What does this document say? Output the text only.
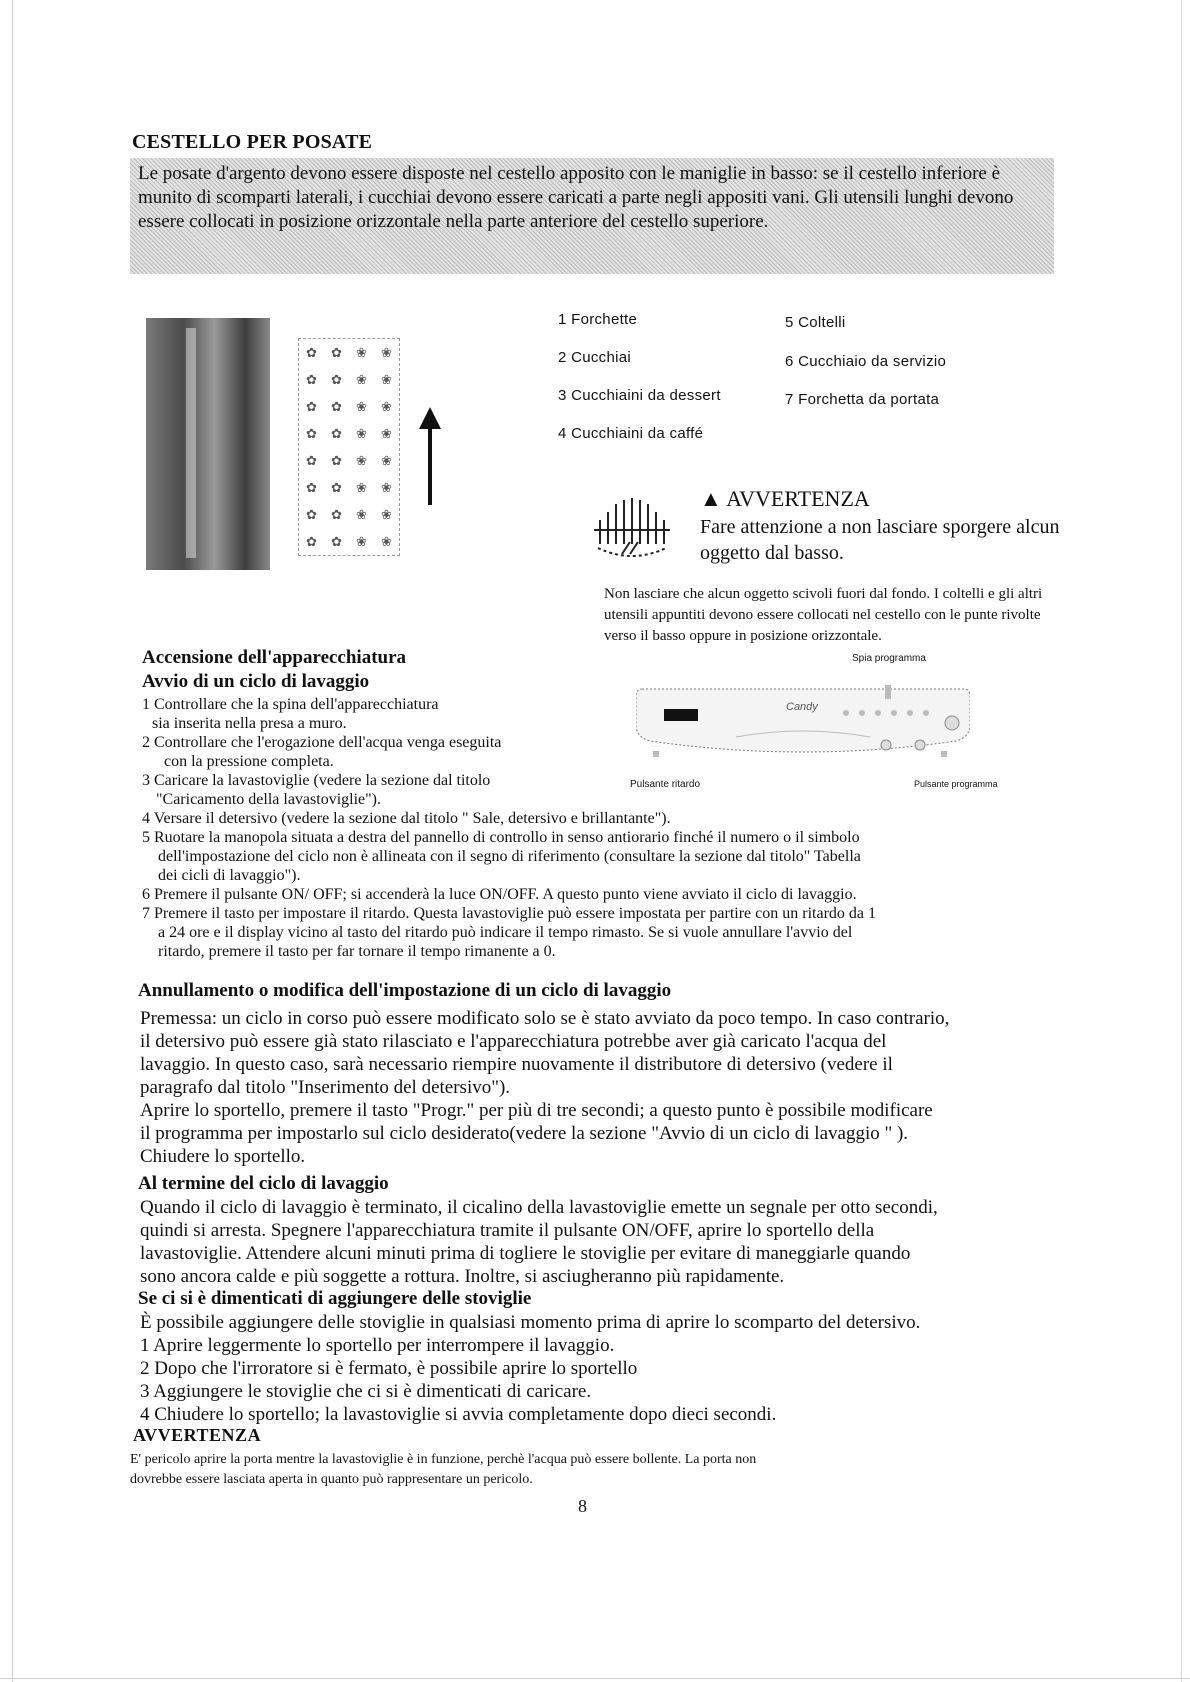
CESTELLO PER POSATE
Le posate d'argento devono essere disposte nel cestello apposito con le maniglie in basso: se il cestello inferiore è munito di scomparti laterali, i cucchiai devono essere caricati a parte negli appositi vani. Gli utensili lunghi devono essere collocati in posizione orizzontale nella parte anteriore del cestello superiore.
✿	✿	❀	❀
✿	✿	❀	❀
✿	✿	❀	❀
✿	✿	❀	❀
✿	✿	❀	❀
✿	✿	❀	❀
✿	✿	❀	❀
✿	✿	❀	❀
1 Forchette
2 Cucchiai
3 Cucchiaini da dessert
4 Cucchiaini da caffé
5 Coltelli
6 Cucchiaio da servizio
7 Forchetta da portata
▲ AVVERTENZA
Fare attenzione a non lasciare sporgere alcun oggetto dal basso.
Non lasciare che alcun oggetto scivoli fuori dal fondo. I coltelli e gli altri utensili appuntiti devono essere collocati nel cestello con le punte rivolte verso il basso oppure in posizione orizzontale.
Spia programma
Candy
Pulsante ritardo	Pulsante programma
Accensione dell'apparecchiatura
Avvio di un ciclo di lavaggio
1 Controllare che la spina dell'apparecchiatura
sia inserita nella presa a muro.
2 Controllare che l'erogazione dell'acqua venga eseguita
con la pressione completa.
3 Caricare la lavastoviglie (vedere la sezione dal titolo
"Caricamento della lavastoviglie").
4 Versare il detersivo (vedere la sezione dal titolo " Sale, detersivo e brillantante").
5 Ruotare la manopola situata a destra del pannello di controllo in senso antiorario finché il numero o il simbolo
dell'impostazione del ciclo non è allineata con il segno di riferimento (consultare la sezione dal titolo" Tabella
dei cicli di lavaggio").
6 Premere il pulsante ON/ OFF; si accenderà la luce ON/OFF. A questo punto viene avviato il ciclo di lavaggio.
7 Premere il tasto per impostare il ritardo. Questa lavastoviglie può essere impostata per partire con un ritardo da 1
a 24 ore e il display vicino al tasto del ritardo può indicare il tempo rimasto. Se si vuole annullare l'avvio del
ritardo, premere il tasto per far tornare il tempo rimanente a 0.
Annullamento o modifica dell'impostazione di un ciclo di lavaggio
Premessa: un ciclo in corso può essere modificato solo se è stato avviato da poco tempo. In caso contrario,
il detersivo può essere già stato rilasciato e l'apparecchiatura potrebbe aver già caricato l'acqua del
lavaggio. In questo caso, sarà necessario riempire nuovamente il distributore di detersivo (vedere il
paragrafo dal titolo "Inserimento del detersivo").
Aprire lo sportello, premere il tasto "Progr." per più di tre secondi; a questo punto è possibile modificare
il programma per impostarlo sul ciclo desiderato(vedere la sezione "Avvio di un ciclo di lavaggio " ).
Chiudere lo sportello.
Al termine del ciclo di lavaggio
Quando il ciclo di lavaggio è terminato, il cicalino della lavastoviglie emette un segnale per otto secondi,
quindi si arresta. Spegnere l'apparecchiatura tramite il pulsante ON/OFF, aprire lo sportello della
lavastoviglie. Attendere alcuni minuti prima di togliere le stoviglie per evitare di maneggiarle quando
sono ancora calde e più soggette a rottura. Inoltre, si asciugheranno più rapidamente.
Se ci si è dimenticati di aggiungere delle stoviglie
È possibile aggiungere delle stoviglie in qualsiasi momento prima di aprire lo scomparto del detersivo.
1 Aprire leggermente lo sportello per interrompere il lavaggio.
2 Dopo che l'irroratore si è fermato, è possibile aprire lo sportello
3 Aggiungere le stoviglie che ci si è dimenticati di caricare.
4 Chiudere lo sportello; la lavastoviglie si avvia completamente dopo dieci secondi.
AVVERTENZA
E' pericolo aprire la porta mentre la lavastoviglie è in funzione, perchè l'acqua può essere bollente. La porta non
dovrebbe essere lasciata aperta in quanto può rappresentare un pericolo.
8
